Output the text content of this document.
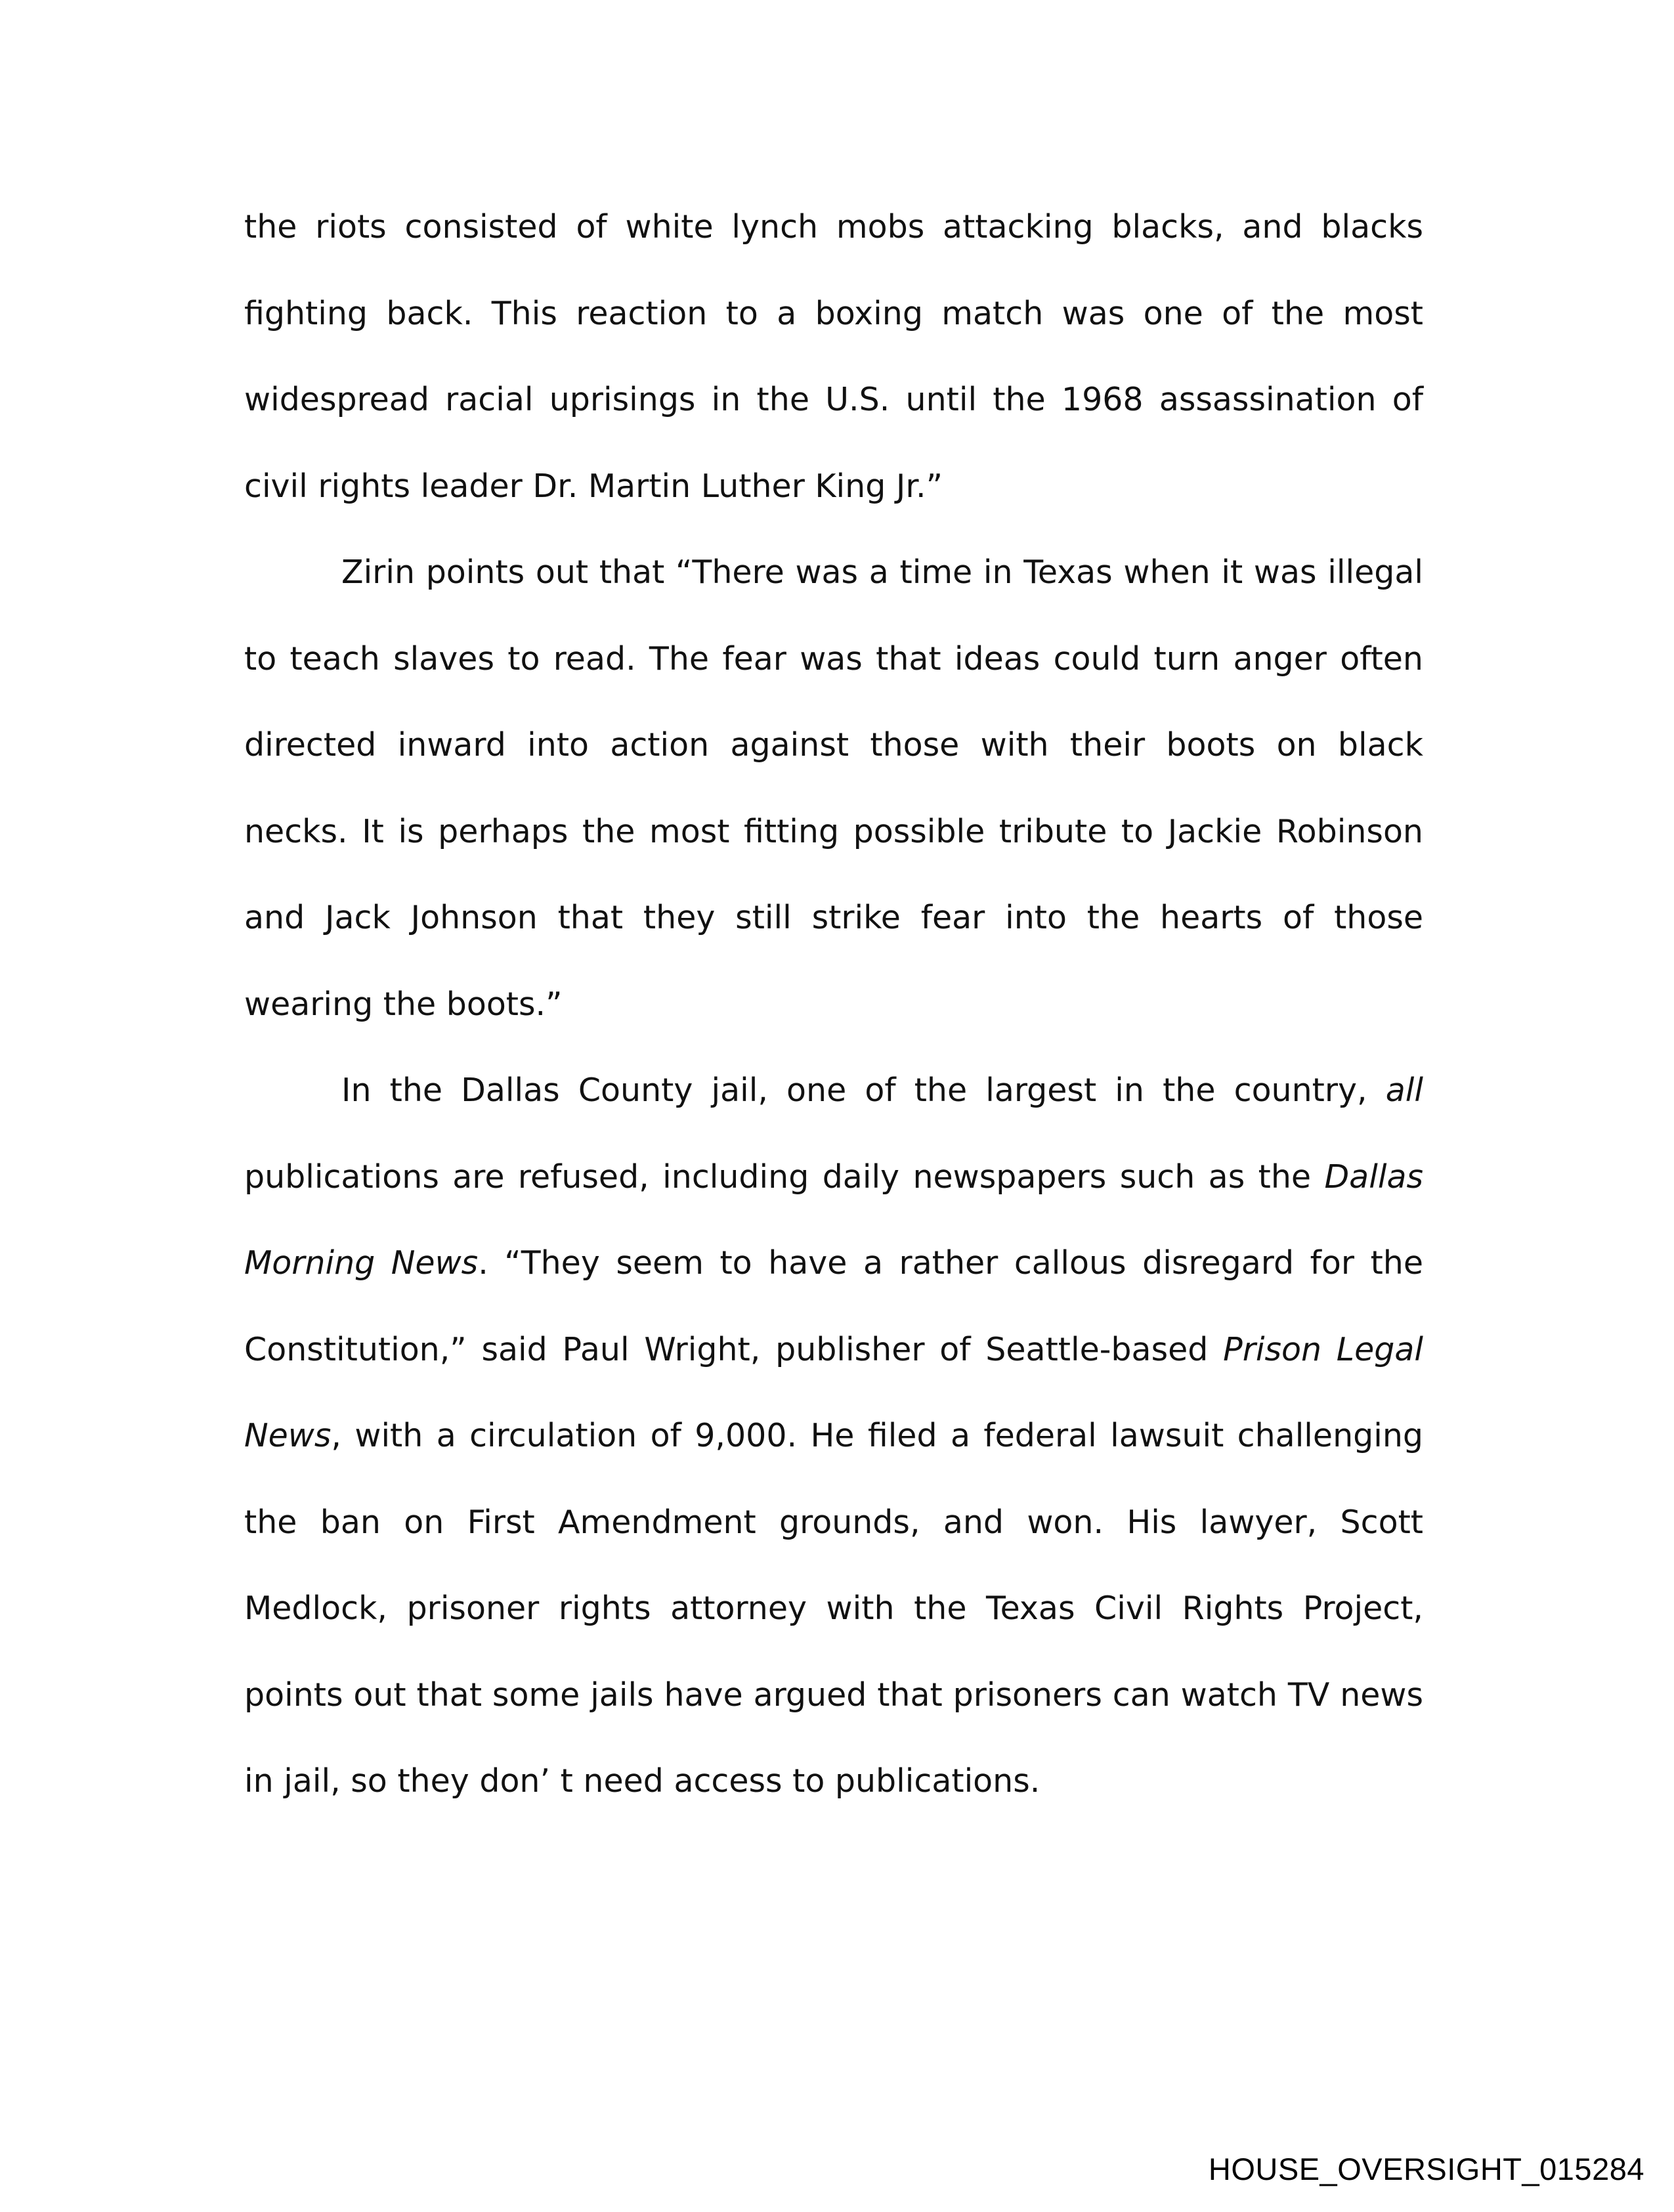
the riots consisted of white lynch mobs attacking blacks, and blacks fighting back. This reaction to a boxing match was one of the most widespread racial uprisings in the U.S. until the 1968 assassination of civil rights leader Dr. Martin Luther King Jr.”

Zirin points out that “There was a time in Texas when it was illegal to teach slaves to read. The fear was that ideas could turn anger often directed inward into action against those with their boots on black necks. It is perhaps the most fitting possible tribute to Jackie Robinson and Jack Johnson that they still strike fear into the hearts of those wearing the boots.”

In the Dallas County jail, one of the largest in the country, all publications are refused, including daily newspapers such as the Dallas Morning News. “They seem to have a rather callous disregard for the Constitution,” said Paul Wright, publisher of Seattle-based Prison Legal News, with a circulation of 9,000. He filed a federal lawsuit challenging the ban on First Amendment grounds, and won. His lawyer, Scott Medlock, prisoner rights attorney with the Texas Civil Rights Project, points out that some jails have argued that prisoners can watch TV news in jail, so they don’ t need access to publications.

HOUSE_OVERSIGHT_015284
